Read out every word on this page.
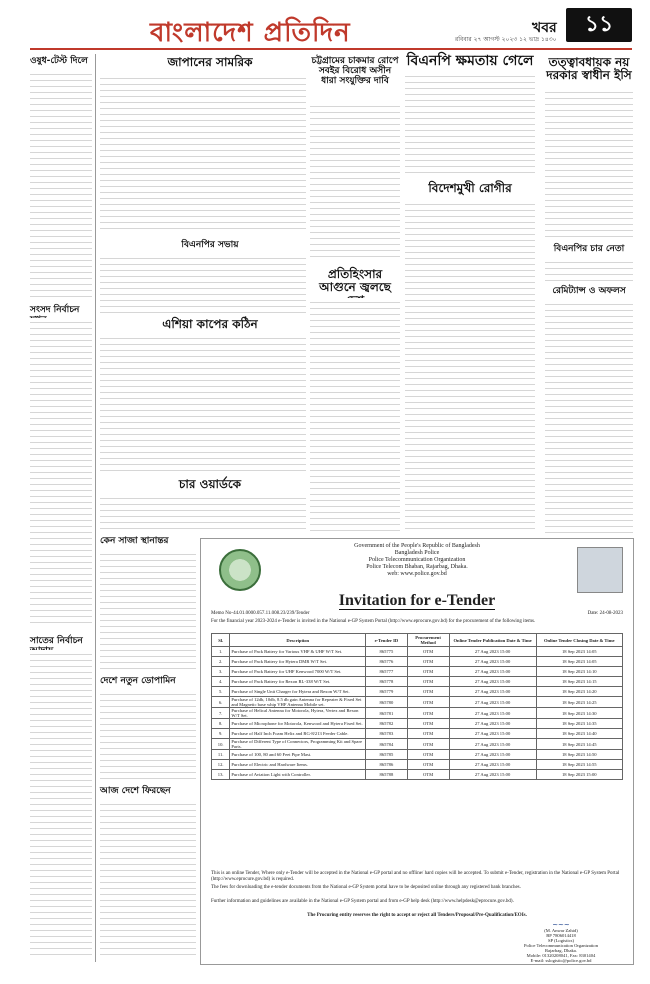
বাংলাদেশ প্রতিদিন	রবিবার ২৭ আগস্ট ২০২৩ ১২ ভাদ্র ১৪৩০
খবর	১১
ওষুধ-টেস্ট দিলে
সংসদ নির্বাচন
সাতের নির্বাচন
জাপানের সামরিক
বিএনপির সভায়
এশিয়া কাপের কঠিন
চার ওয়ার্ডকে
চট্টগ্রামের চাকমার রোপে সবইর বিরোধ অসীন ধারা সংযুক্তির দাবি
প্রতিহিংসার আগুনে জ্বলছে
বিএনপি ক্ষমতায় গেলে
বিদেশমুখী রোগীর
তত্ত্বাবধায়ক নয় দরকার স্বাধীন ইসি
বিএনপির চার নেতা
রেমিট্যান্স ও অফলস
কেন সাজা স্থানান্তর
দেশে নতুন ডোপামিন
আজ দেশে ফিরছেন
Government of the People's Republic of Bangladesh
Bangladesh Police
Police Telecommunication Organization
Police Telecom Bhaban, Rajarbag, Dhaka.
web: www.police.gov.bd
Invitation for e-Tender
Memo No-44.01.0000.057.11.008.23/239/Tender	Date: 24-08-2023
For the financial year 2023-2024 e-Tender is invited in the National e-GP System Portal (http://www.eprocure.gov.bd) for the procurement of the following items.
Sl.	Description	e-Tender ID	Procurement Method	Online Tender Publication Date & Time	Online Tender Closing Date & Time
1.	Purchase of Pack Battery for Various VHF & UHF W/T Set.	865775	OTM	27 Aug 2023 15:00	18 Sep 2023 14:05
2.	Purchase of Pack Battery for Hytera DMR W/T Set.	865776	OTM	27 Aug 2023 15:00	18 Sep 2023 14:05
3.	Purchase of Pack Battery for UHF Kenwood 7000 W/T Set.	865777	OTM	27 Aug 2023 15:00	18 Sep 2023 14:10
4.	Purchase of Pack Battery for Rexon RL-338 W/T Set.	865778	OTM	27 Aug 2023 15:00	18 Sep 2023 14:15
5.	Purchase of Single Unit Charger for Hytera and Rexon W/T Set.	865779	OTM	27 Aug 2023 15:00	18 Sep 2023 14:20
6.	Purchase of 12db, 10db, 8.5 db gain Antenna for Repeater & Fixed Set and Magnetic base whip VHF Antenna Mobile set.	865780	OTM	27 Aug 2023 15:00	18 Sep 2023 14:25
7.	Purchase of Helical Antenna for Motorola, Hytera, Vertex and Rexon W/T Set.	865781	OTM	27 Aug 2023 15:00	18 Sep 2023 14:30
8.	Purchase of Microphone for Motorola, Kenwood and Hytera Fixed Set.	865782	OTM	27 Aug 2023 15:00	18 Sep 2023 14:35
9.	Purchase of Half Inch Foam Helix and RG-8/213 Feeder Cable.	865783	OTM	27 Aug 2023 15:00	18 Sep 2023 14:40
10.	Purchase of Different Type of Connectors, Programming Kit and Spare Parts.	865784	OTM	27 Aug 2023 15:00	18 Sep 2023 14:45
11.	Purchase of 100, 80 and 60 Feet Pipe Mast.	865785	OTM	27 Aug 2023 15:00	18 Sep 2023 14:50
12.	Purchase of Electric and Hardware Items.	865786	OTM	27 Aug 2023 15:00	18 Sep 2023 14:55
13.	Purchase of Aviation Light with Controller.	865788	OTM	27 Aug 2023 15:00	18 Sep 2023 15:00
This is an online Tender, Where only e-Tender will be accepted in the National e-GP portal and no offline/ hard copies will be accepted. To submit e-Tender, registration in the National e-GP System Portal (http://www.eprocure.gov.bd) is required.
The fees for downloading the e-tender documents from the National e-GP System portal have to be deposited online through any registered bank branches.
Further information and guidelines are available in the National e-GP System portal and from e-GP help desk (http://www.helpdesk@eprocure.gov.bd).
The Procuring entity reserves the right to accept or reject all Tenders/Proposal/Pre-Qualification/EOIs.
~~~
(M. Anwar Zahid)
BP 7806014418
SP (Logistics)
Police Telecommunication Organization
Rajarbag, Dhaka.
Mobile: 01320208041, Fax: 8301404
E-mail: sslogistic@police.gov.bd
